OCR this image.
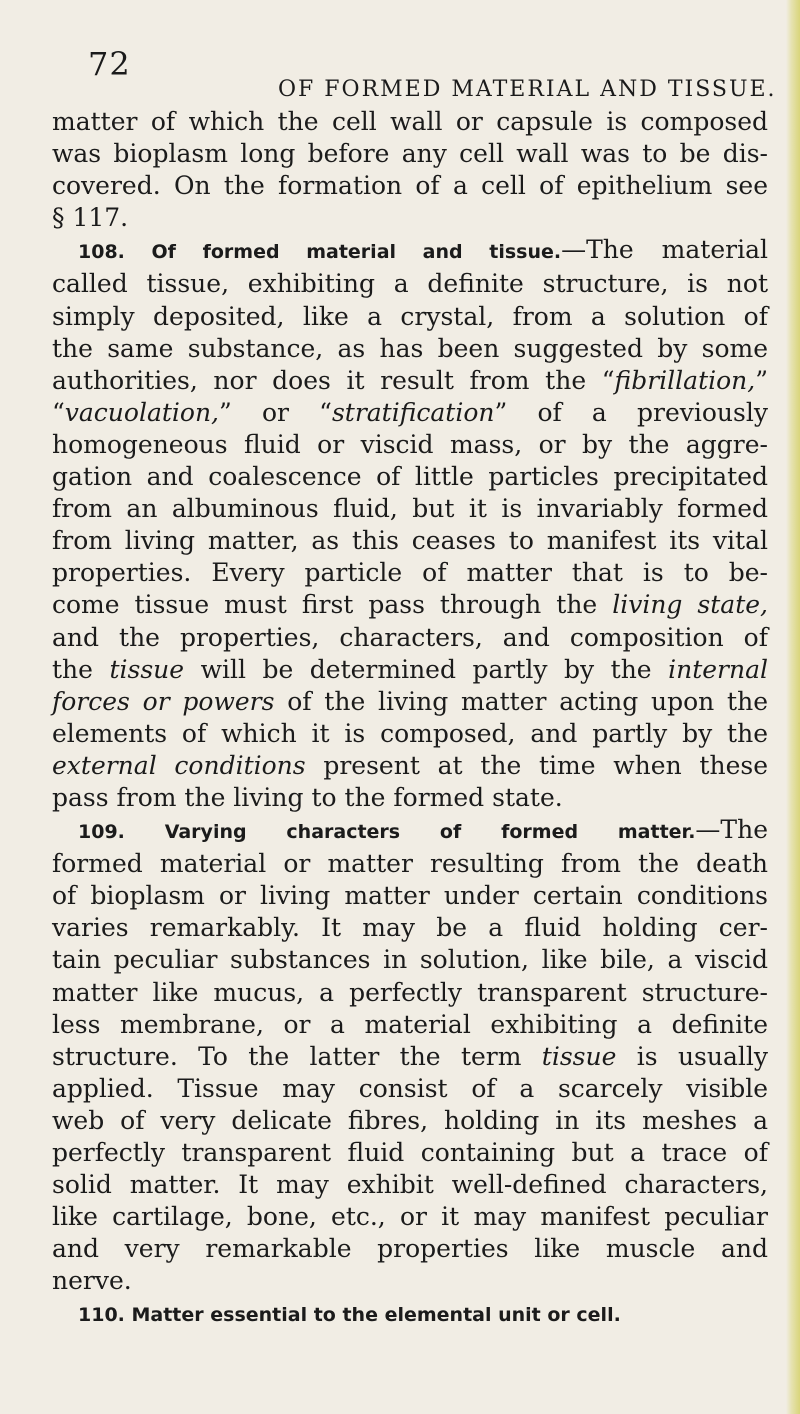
72
OF FORMED MATERIAL AND TISSUE.
matter of which the cell wall or capsule is composed
was bioplasm long before any cell wall was to be dis-
covered. On the formation of a cell of epithelium see
§ 117.
108. Of formed material and tissue.—The material
called tissue, exhibiting a definite structure, is not
simply deposited, like a crystal, from a solution of
the same substance, as has been suggested by some
authorities, nor does it result from the “fibrillation,”
“vacuolation,” or “stratification” of a previously
homogeneous fluid or viscid mass, or by the aggre-
gation and coalescence of little particles precipitated
from an albuminous fluid, but it is invariably formed
from living matter, as this ceases to manifest its vital
properties. Every particle of matter that is to be-
come tissue must first pass through the living state,
and the properties, characters, and composition of
the tissue will be determined partly by the internal
forces or powers of the living matter acting upon the
elements of which it is composed, and partly by the
external conditions present at the time when these
pass from the living to the formed state.
109. Varying characters of formed matter.—The
formed material or matter resulting from the death
of bioplasm or living matter under certain conditions
varies remarkably. It may be a fluid holding cer-
tain peculiar substances in solution, like bile, a viscid
matter like mucus, a perfectly transparent structure-
less membrane, or a material exhibiting a definite
structure. To the latter the term tissue is usually
applied. Tissue may consist of a scarcely visible
web of very delicate fibres, holding in its meshes a
perfectly transparent fluid containing but a trace of
solid matter. It may exhibit well-defined characters,
like cartilage, bone, etc., or it may manifest peculiar
and very remarkable properties like muscle and
nerve.
110. Matter essential to the elemental unit or cell.
